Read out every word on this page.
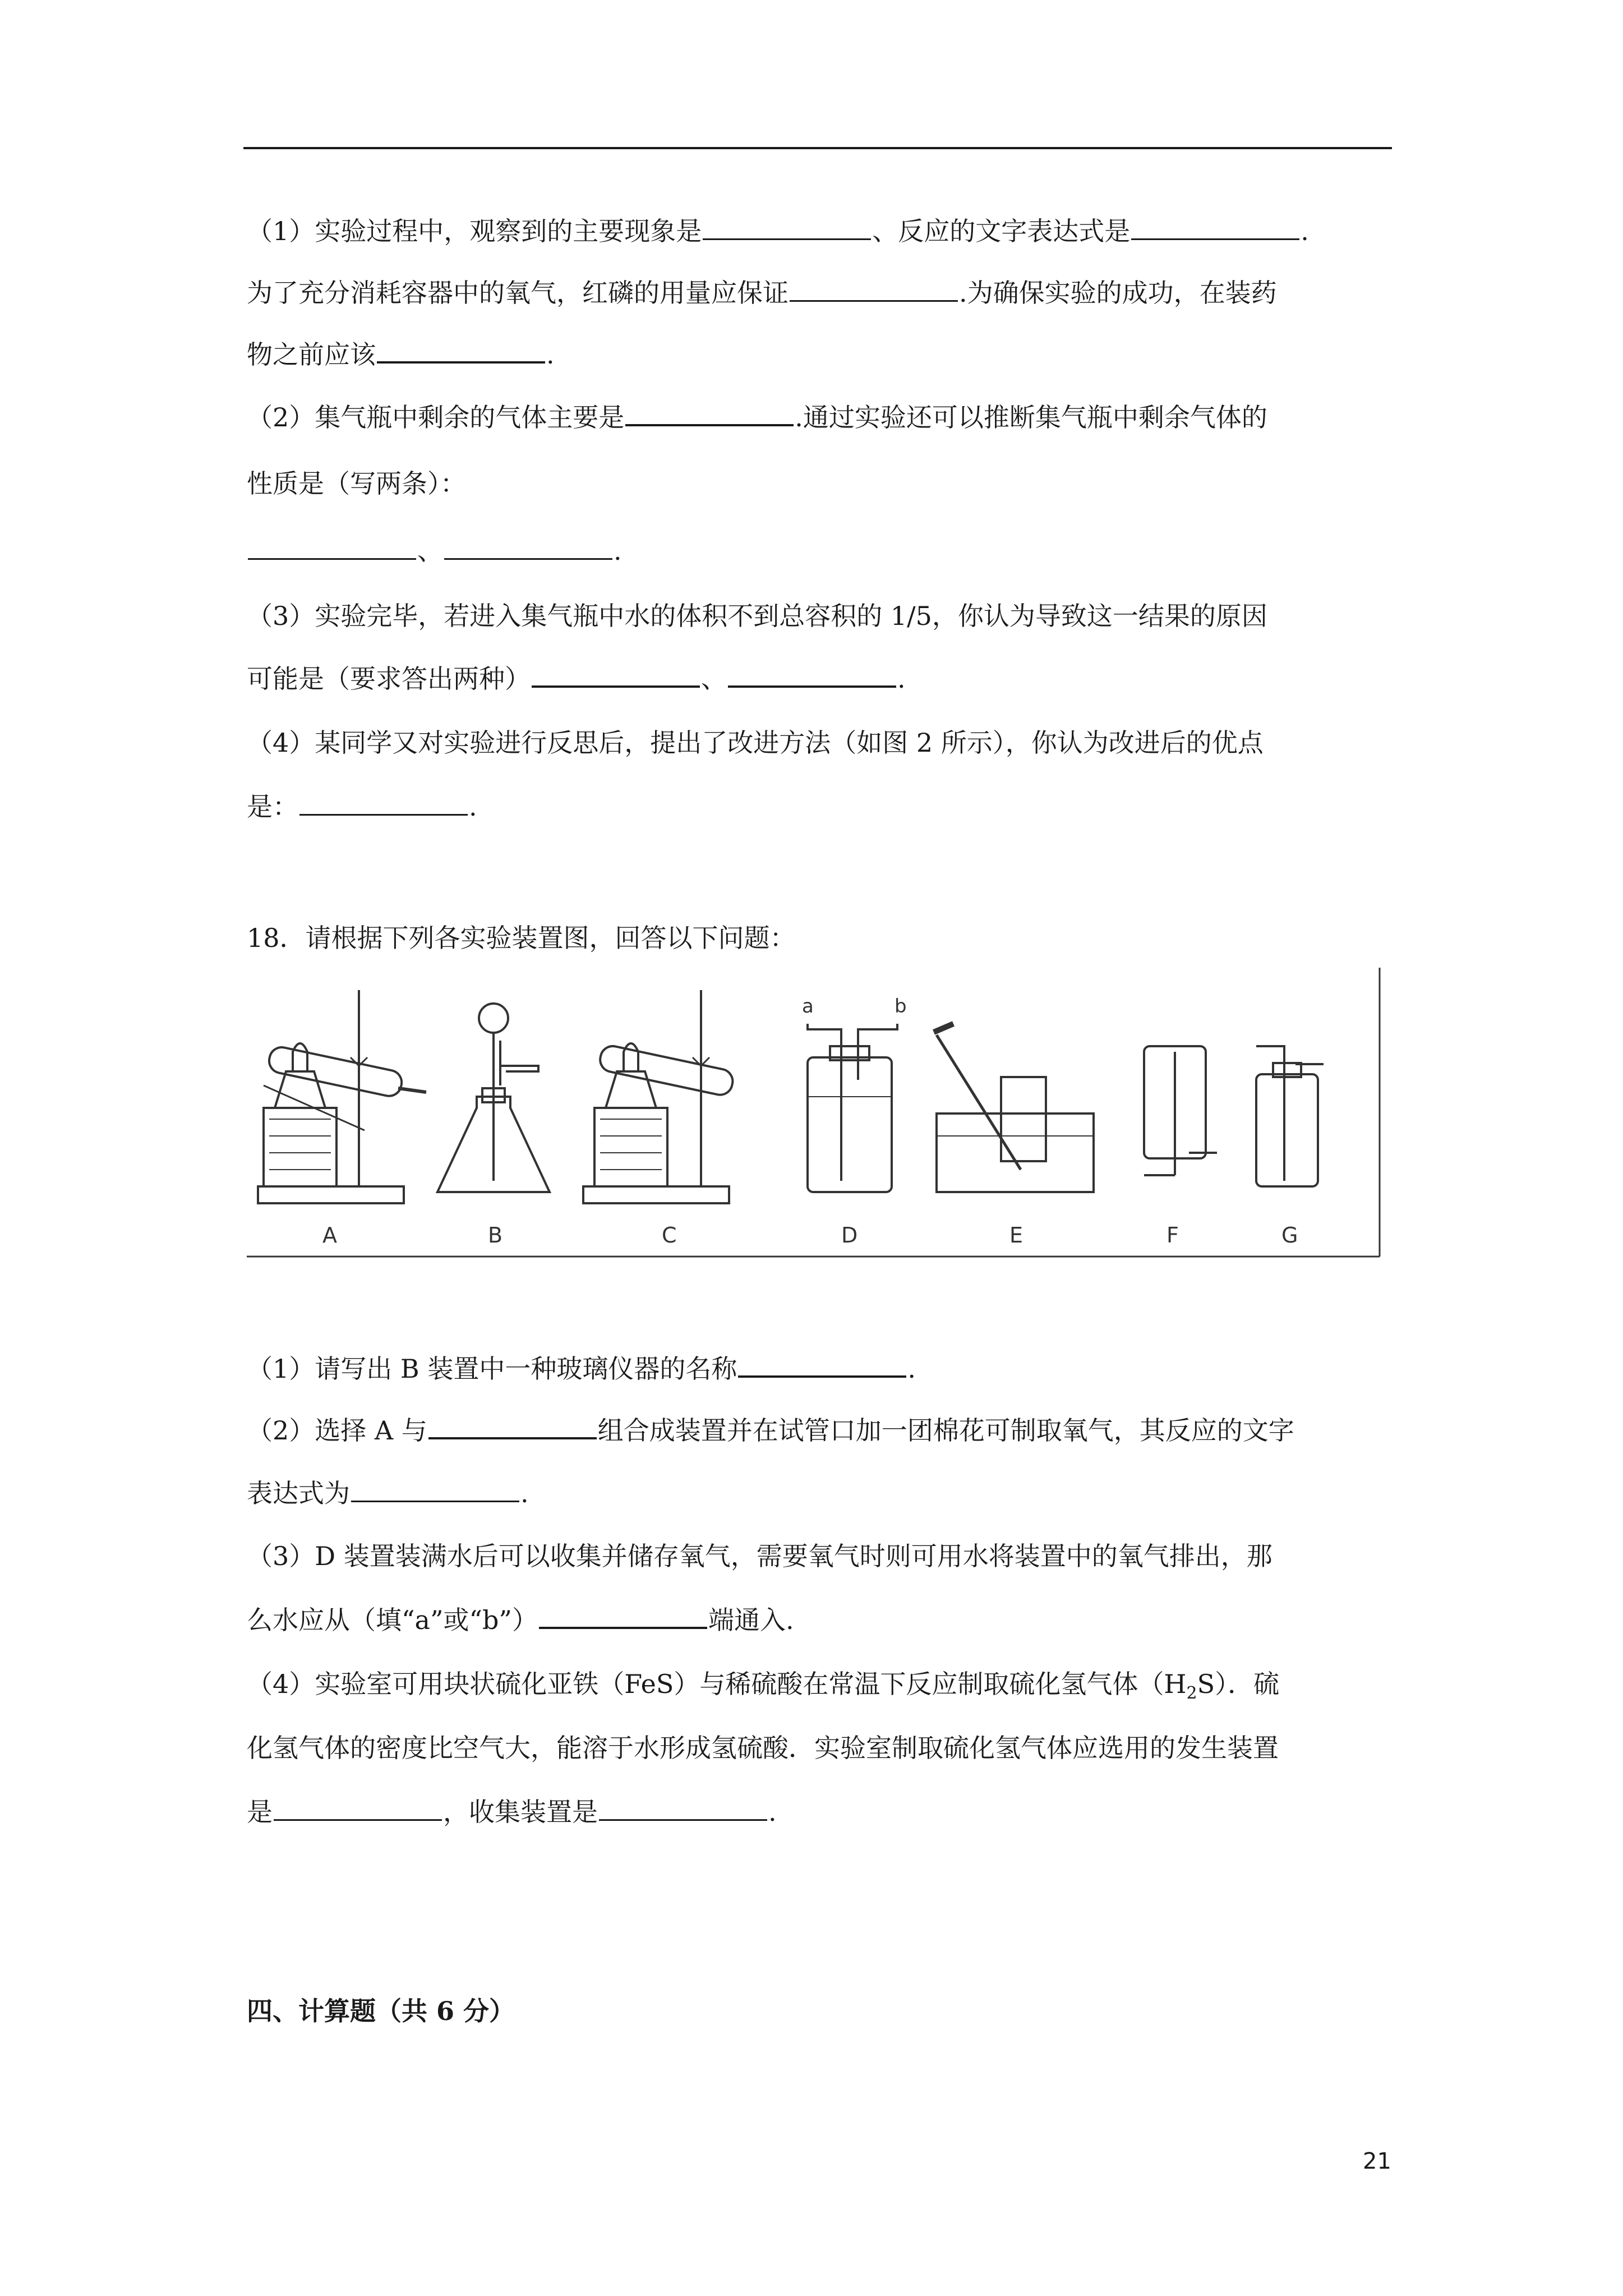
（1）实验过程中，观察到的主要现象是	、反应的文字表达式是	.
为了充分消耗容器中的氧气，红磷的用量应保证	.为确保实验的成功，在装药
物之前应该	.
（2）集气瓶中剩余的气体主要是	.通过实验还可以推断集气瓶中剩余气体的
性质是（写两条）：
、	.
（3）实验完毕，若进入集气瓶中水的体积不到总容积的 1/5，你认为导致这一结果的原因
可能是（要求答出两种）	、	.
（4）某同学又对实验进行反思后，提出了改进方法（如图 2 所示），你认为改进后的优点
是：	.
18．请根据下列各实验装置图，回答以下问题：
a	b
A	B	C	D	E	F	G
（1）请写出 B 装置中一种玻璃仪器的名称	.
（2）选择 A 与	组合成装置并在试管口加一团棉花可制取氧气，其反应的文字
表达式为	.
（3）D 装置装满水后可以收集并储存氧气，需要氧气时则可用水将装置中的氧气排出，那
么水应从（填“a”或“b”）	端通入.
（4）实验室可用块状硫化亚铁（FeS）与稀硫酸在常温下反应制取硫化氢气体$(H_2S)$．硫
化氢气体的密度比空气大，能溶于水形成氢硫酸．实验室制取硫化氢气体应选用的发生装置
是	，收集装置是	.
四、计算题（共 6 分）
21
